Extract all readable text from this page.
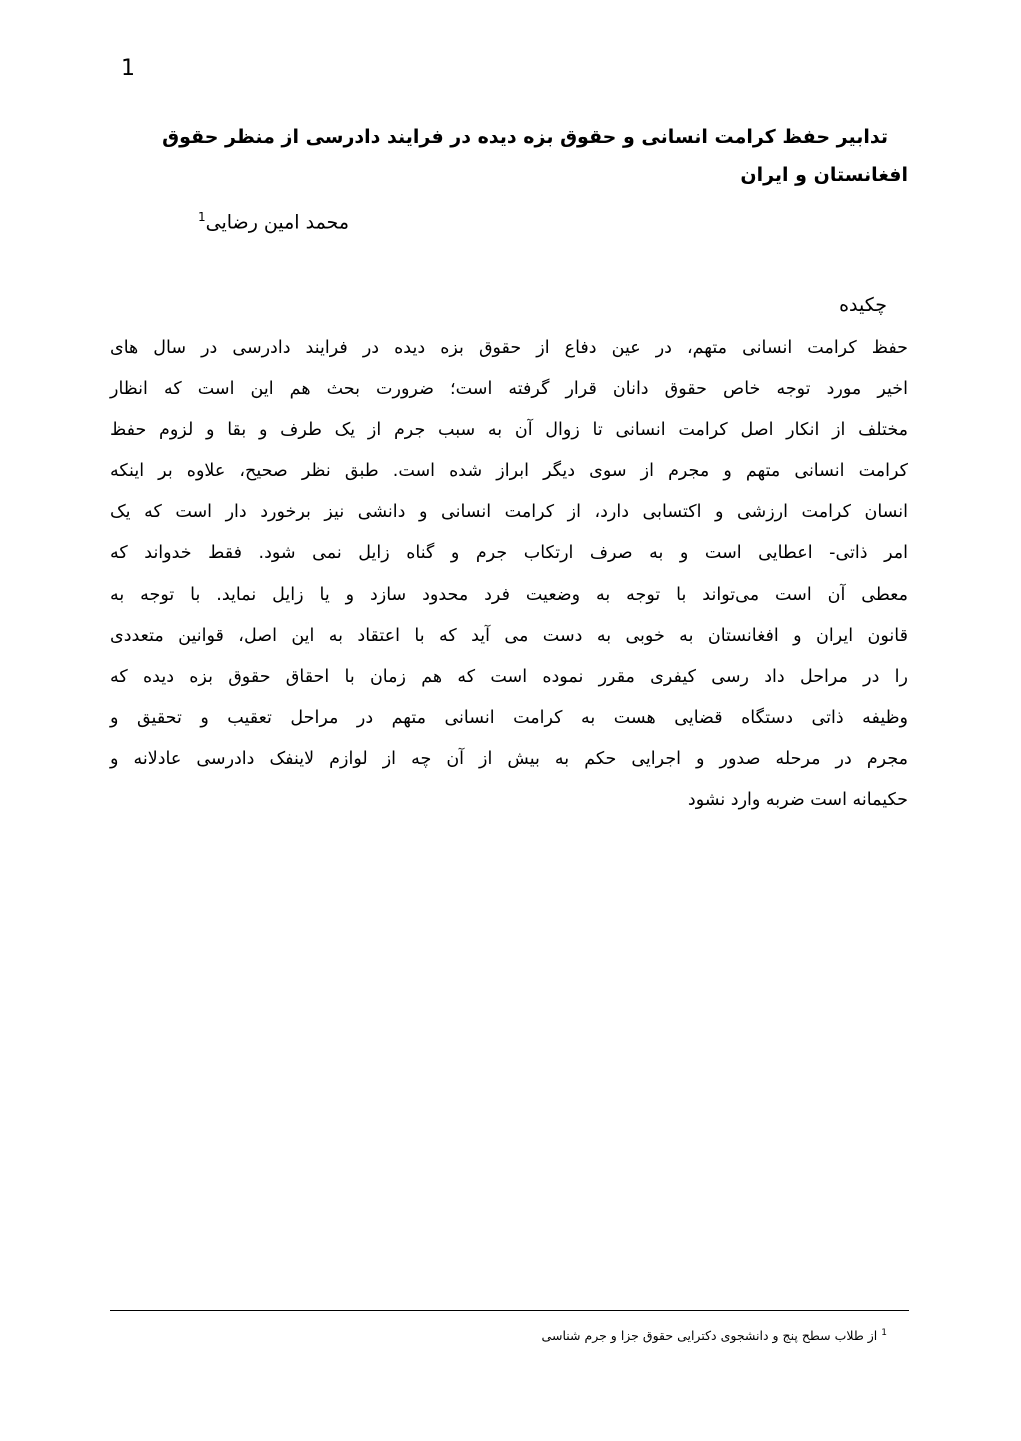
1
تدابیر حفظ کرامت انسانی و حقوق بزه دیده در فرایند دادرسی از منظر حقوق
افغانستان و ایران
محمد امین رضایی$^1$
چکیده
حفظ کرامت انسانی متهم، در عین دفاع از حقوق بزه دیده در فرایند دادرسی در سال های
اخیر مورد توجه خاص حقوق دانان قرار گرفته است؛ ضرورت بحث هم این است که انظار
مختلف از انکار اصل کرامت انسانی تا زوال آن به سبب جرم از یک طرف و بقا و لزوم حفظ
کرامت انسانی متهم و مجرم از سوی دیگر ابراز شده است. طبق نظر صحیح، علاوه بر اینکه
انسان کرامت ارزشی و اکتسابی دارد، از کرامت انسانی و دانشی نیز برخورد دار است که یک
امر ذاتی- اعطایی است و به صرف ارتکاب جرم و گناه زایل نمی شود. فقط خدواند که
معطی آن است می‌تواند با توجه به وضعیت فرد محدود سازد و یا زایل نماید. با توجه به
قانون ایران و افغانستان به خوبی به دست می آید که با اعتقاد به این اصل، قوانین متعددی
را در مراحل داد رسی کیفری مقرر نموده است که هم زمان با احقاق حقوق بزه دیده که
وظیفه ذاتی دستگاه قضایی هست به کرامت انسانی متهم در مراحل تعقیب و تحقیق و
مجرم در مرحله صدور و اجرایی حکم به بیش از آن چه از لوازم لاینفک دادرسی عادلانه و
حکیمانه است ضربه وارد نشود
$^1$ از طلاب سطح پنج و دانشجوی دکترایی حقوق جزا و جرم شناسی
